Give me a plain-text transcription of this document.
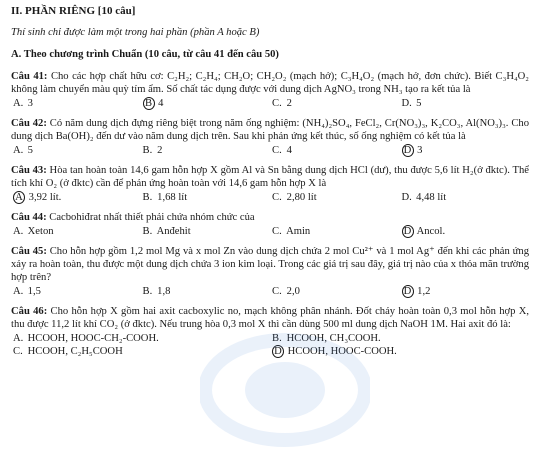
II. PHẦN RIÊNG [10 câu]
Thí sinh chỉ được làm một trong hai phần (phần A hoặc B)
A. Theo chương trình Chuẩn (10 câu, từ câu 41 đến câu 50)
Câu 41: Cho các hợp chất hữu cơ: C₂H₂; C₂H₄; CH₂O; CH₂O₂ (mạch hở); C₃H₄O₂ (mạch hở, đơn chức). Biết C₃H₄O₂ không làm chuyển màu quỳ tím ẩm. Số chất tác dụng được với dung dịch AgNO₃ trong NH₃ tạo ra kết tủa là
A. 3	B 4	C. 2	D. 5
Câu 42: Có năm dung dịch đựng riêng biệt trong năm ống nghiệm: (NH₄)₂SO₄, FeCl₂, Cr(NO₃)₃, K₂CO₃, Al(NO₃)₃. Cho dung dịch Ba(OH)₂ đến dư vào năm dung dịch trên. Sau khi phản ứng kết thúc, số ống nghiệm có kết tủa là
A. 5	B. 2	C. 4	D 3
Câu 43: Hòa tan hoàn toàn 14,6 gam hỗn hợp X gồm Al và Sn bằng dung dịch HCl (dư), thu được 5,6 lít H₂(ở đktc). Thể tích khí O₂ (ở đktc) cần để phản ứng hoàn toàn với 14,6 gam hỗn hợp X là
A 3,92 lít.	B. 1,68 lít	C. 2,80 lít	D. 4,48 lít
Câu 44: Cacbohiđrat nhất thiết phải chứa nhóm chức của
A. Xeton	B. Anđehit	C. Amin	D Ancol.
Câu 45: Cho hỗn hợp gồm 1,2 mol Mg và x mol Zn vào dung dịch chứa 2 mol Cu²⁺ và 1 mol Ag⁺ đến khi các phản ứng xảy ra hoàn toàn, thu được một dung dịch chứa 3 ion kim loại. Trong các giá trị sau đây, giá trị nào của x thỏa mãn trường hợp trên?
A. 1,5	B. 1,8	C. 2,0	D 1,2
Câu 46: Cho hỗn hợp X gồm hai axit cacboxylic no, mạch không phân nhánh. Đốt cháy hoàn toàn 0,3 mol hỗn hợp X, thu được 11,2 lít khí CO₂ (ở đktc). Nếu trung hòa 0,3 mol X thì cần dùng 500 ml dung dịch NaOH 1M. Hai axit đó là:
A. HCOOH, HOOC-CH₂-COOH.	B. HCOOH, CH₃COOH.
C. HCOOH, C₂H₅COOH	D HCOOH, HOOC-COOH.
